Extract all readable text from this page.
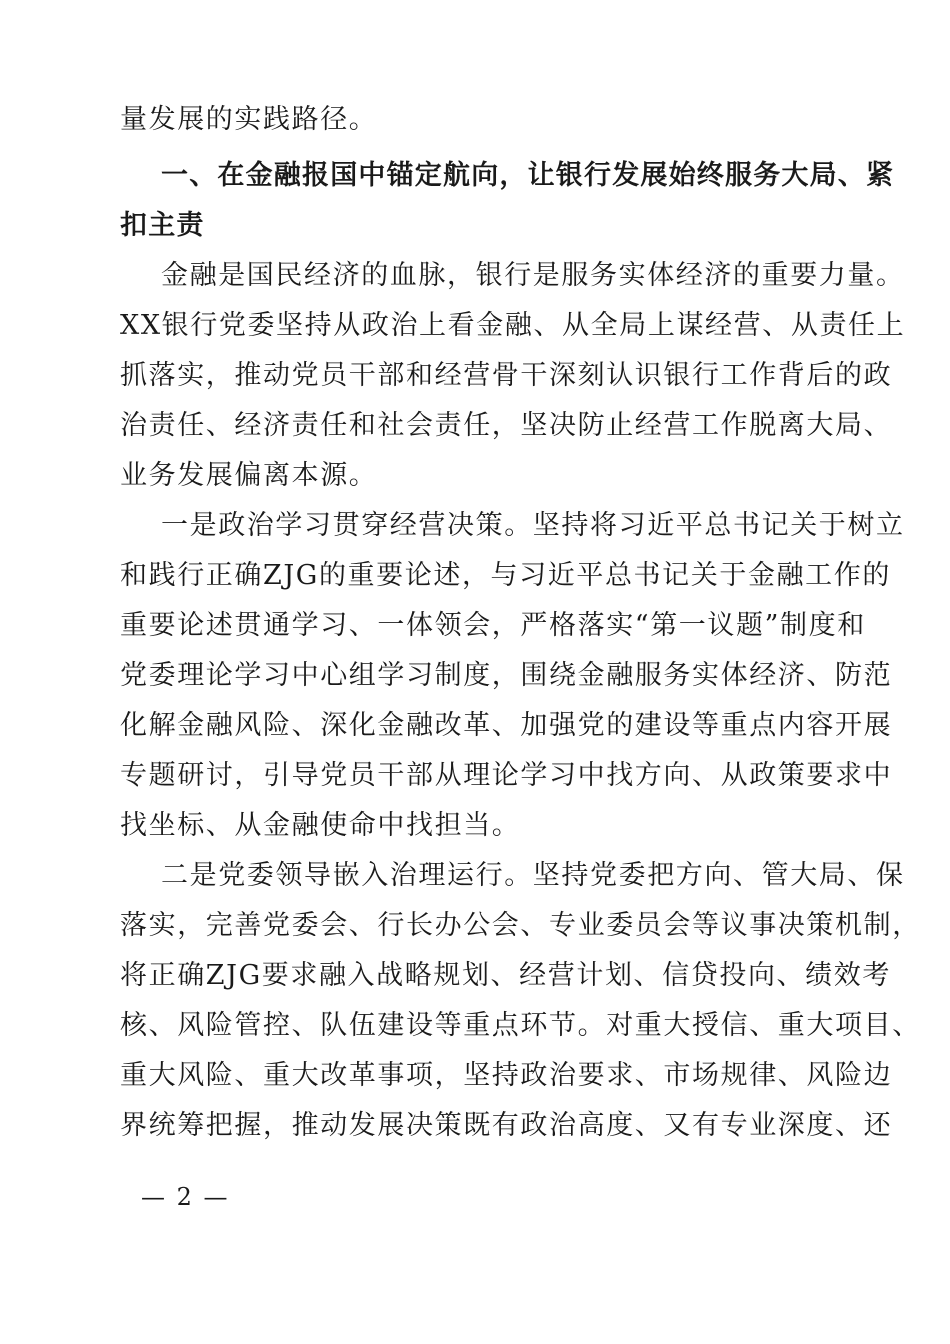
量发展的实践路径。
一、在金融报国中锚定航向，让银行发展始终服务大局、紧
扣主责
金融是国民经济的血脉，银行是服务实体经济的重要力量。
XX银行党委坚持从政治上看金融、从全局上谋经营、从责任上
抓落实，推动党员干部和经营骨干深刻认识银行工作背后的政
治责任、经济责任和社会责任，坚决防止经营工作脱离大局、
业务发展偏离本源。
一是政治学习贯穿经营决策。坚持将习近平总书记关于树立
和践行正确ZJG的重要论述，与习近平总书记关于金融工作的
重要论述贯通学习、一体领会，严格落实“第一议题”制度和
党委理论学习中心组学习制度，围绕金融服务实体经济、防范
化解金融风险、深化金融改革、加强党的建设等重点内容开展
专题研讨，引导党员干部从理论学习中找方向、从政策要求中
找坐标、从金融使命中找担当。
二是党委领导嵌入治理运行。坚持党委把方向、管大局、保
落实，完善党委会、行长办公会、专业委员会等议事决策机制，
将正确ZJG要求融入战略规划、经营计划、信贷投向、绩效考
核、风险管控、队伍建设等重点环节。对重大授信、重大项目、
重大风险、重大改革事项，坚持政治要求、市场规律、风险边
界统筹把握，推动发展决策既有政治高度、又有专业深度、还
— 2 —
